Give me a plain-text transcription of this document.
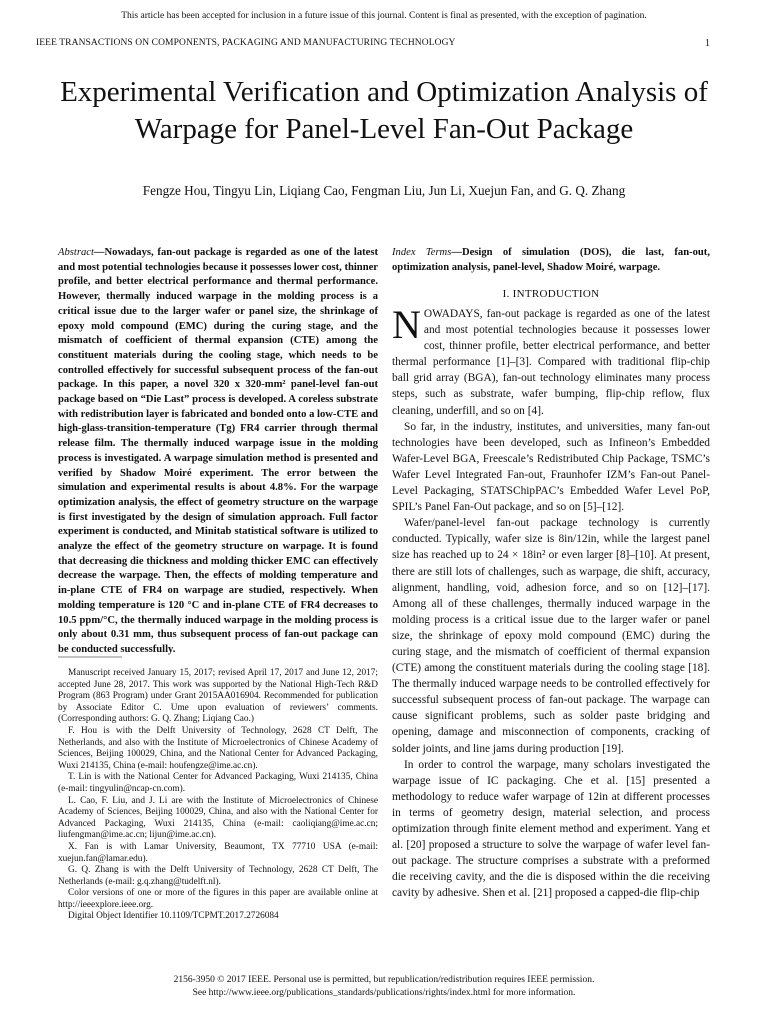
This article has been accepted for inclusion in a future issue of this journal. Content is final as presented, with the exception of pagination.
IEEE TRANSACTIONS ON COMPONENTS, PACKAGING AND MANUFACTURING TECHNOLOGY	1
Experimental Verification and Optimization Analysis of Warpage for Panel-Level Fan-Out Package
Fengze Hou, Tingyu Lin, Liqiang Cao, Fengman Liu, Jun Li, Xuejun Fan, and G. Q. Zhang
Abstract—Nowadays, fan-out package is regarded as one of the latest and most potential technologies because it possesses lower cost, thinner profile, and better electrical performance and thermal performance. However, thermally induced warpage in the molding process is a critical issue due to the larger wafer or panel size, the shrinkage of epoxy mold compound (EMC) during the curing stage, and the mismatch of coefficient of thermal expansion (CTE) among the constituent materials during the cooling stage, which needs to be controlled effectively for successful subsequent process of the fan-out package. In this paper, a novel 320 x 320-mm² panel-level fan-out package based on “Die Last” process is developed. A coreless substrate with redistribution layer is fabricated and bonded onto a low-CTE and high-glass-transition-temperature (Tg) FR4 carrier through thermal release film. The thermally induced warpage issue in the molding process is investigated. A warpage simulation method is presented and verified by Shadow Moiré experiment. The error between the simulation and experimental results is about 4.8%. For the warpage optimization analysis, the effect of geometry structure on the warpage is first investigated by the design of simulation approach. Full factor experiment is conducted, and Minitab statistical software is utilized to analyze the effect of the geometry structure on warpage. It is found that decreasing die thickness and molding thicker EMC can effectively decrease the warpage. Then, the effects of molding temperature and in-plane CTE of FR4 on warpage are studied, respectively. When molding temperature is 120 °C and in-plane CTE of FR4 decreases to 10.5 ppm/°C, the thermally induced warpage in the molding process is only about 0.31 mm, thus subsequent process of fan-out package can be conducted successfully.

Manuscript received January 15, 2017; revised April 17, 2017 and June 12, 2017; accepted June 28, 2017. This work was supported by the National High-Tech R&D Program (863 Program) under Grant 2015AA016904. Recommended for publication by Associate Editor C. Ume upon evaluation of reviewers’ comments. (Corresponding authors: G. Q. Zhang; Liqiang Cao.)

F. Hou is with the Delft University of Technology, 2628 CT Delft, The Netherlands, and also with the Institute of Microelectronics of Chinese Academy of Sciences, Beijing 100029, China, and the National Center for Advanced Packaging, Wuxi 214135, China (e-mail: houfengze@ime.ac.cn).

T. Lin is with the National Center for Advanced Packaging, Wuxi 214135, China (e-mail: tingyulin@ncap-cn.com).

L. Cao, F. Liu, and J. Li are with the Institute of Microelectronics of Chinese Academy of Sciences, Beijing 100029, China, and also with the National Center for Advanced Packaging, Wuxi 214135, China (e-mail: caoliqiang@ime.ac.cn; liufengman@ime.ac.cn; lijun@ime.ac.cn).

X. Fan is with Lamar University, Beaumont, TX 77710 USA (e-mail: xuejun.fan@lamar.edu).

G. Q. Zhang is with the Delft University of Technology, 2628 CT Delft, The Netherlands (e-mail: g.q.zhang@tudelft.nl).

Color versions of one or more of the figures in this paper are available online at http://ieeexplore.ieee.org.

Digital Object Identifier 10.1109/TCPMT.2017.2726084

Index Terms—Design of simulation (DOS), die last, fan-out, optimization analysis, panel-level, Shadow Moiré, warpage.
I. INTRODUCTION

NOWADAYS, fan-out package is regarded as one of the latest and most potential technologies because it possesses lower cost, thinner profile, better electrical performance, and better thermal performance [1]–[3]. Compared with traditional flip-chip ball grid array (BGA), fan-out technology eliminates many process steps, such as substrate, wafer bumping, flip-chip reflow, flux cleaning, underfill, and so on [4].

So far, in the industry, institutes, and universities, many fan-out technologies have been developed, such as Infineon’s Embedded Wafer-Level BGA, Freescale’s Redistributed Chip Package, TSMC’s Wafer Level Integrated Fan-out, Fraunhofer IZM’s Fan-out Panel-Level Packaging, STATSChipPAC’s Embedded Wafer Level PoP, SPIL’s Panel Fan-Out package, and so on [5]–[12].

Wafer/panel-level fan-out package technology is currently conducted. Typically, wafer size is 8in/12in, while the largest panel size has reached up to 24 × 18in² or even larger [8]–[10]. At present, there are still lots of challenges, such as warpage, die shift, accuracy, alignment, handling, void, adhesion force, and so on [12]–[17]. Among all of these challenges, thermally induced warpage in the molding process is a critical issue due to the larger wafer or panel size, the shrinkage of epoxy mold compound (EMC) during the curing stage, and the mismatch of coefficient of thermal expansion (CTE) among the constituent materials during the cooling stage [18]. The thermally induced warpage needs to be controlled effectively for successful subsequent process of fan-out package. The warpage can cause significant problems, such as solder paste bridging and opening, damage and misconnection of components, cracking of solder joints, and line jams during production [19].

In order to control the warpage, many scholars investigated the warpage issue of IC packaging. Che et al. [15] presented a methodology to reduce wafer warpage of 12in at different processes in terms of geometry design, material selection, and process optimization through finite element method and experiment. Yang et al. [20] proposed a structure to solve the warpage of wafer level fan-out package. The structure comprises a substrate with a preformed die receiving cavity, and the die is disposed within the die receiving cavity by adhesive. Shen et al. [21] proposed a capped-die flip-chip

2156-3950 © 2017 IEEE. Personal use is permitted, but republication/redistribution requires IEEE permission.
See http://www.ieee.org/publications_standards/publications/rights/index.html for more information.
